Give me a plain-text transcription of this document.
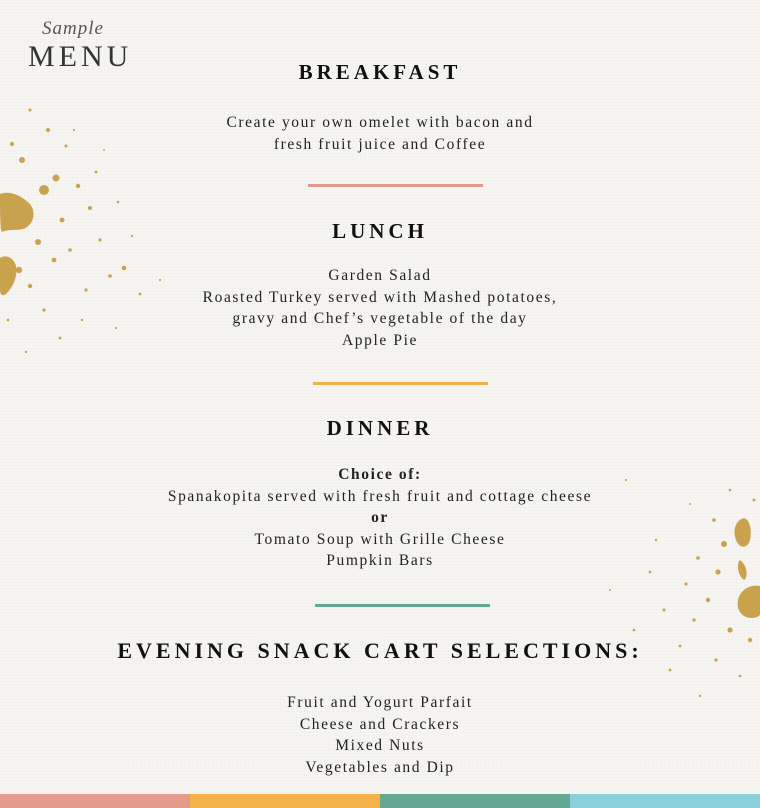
Sample
MENU	BREAKFAST
Create your own omelet with bacon and
fresh fruit juice and Coffee
LUNCH
Garden Salad
Roasted Turkey served with Mashed potatoes,
gravy and Chef’s vegetable of the day
Apple Pie
DINNER
Choice of:
Spanakopita served with fresh fruit and cottage cheese
or
Tomato Soup with Grille Cheese
Pumpkin Bars
EVENING SNACK CART SELECTIONS:
Fruit and Yogurt Parfait
Cheese and Crackers
Mixed Nuts
Vegetables and Dip
